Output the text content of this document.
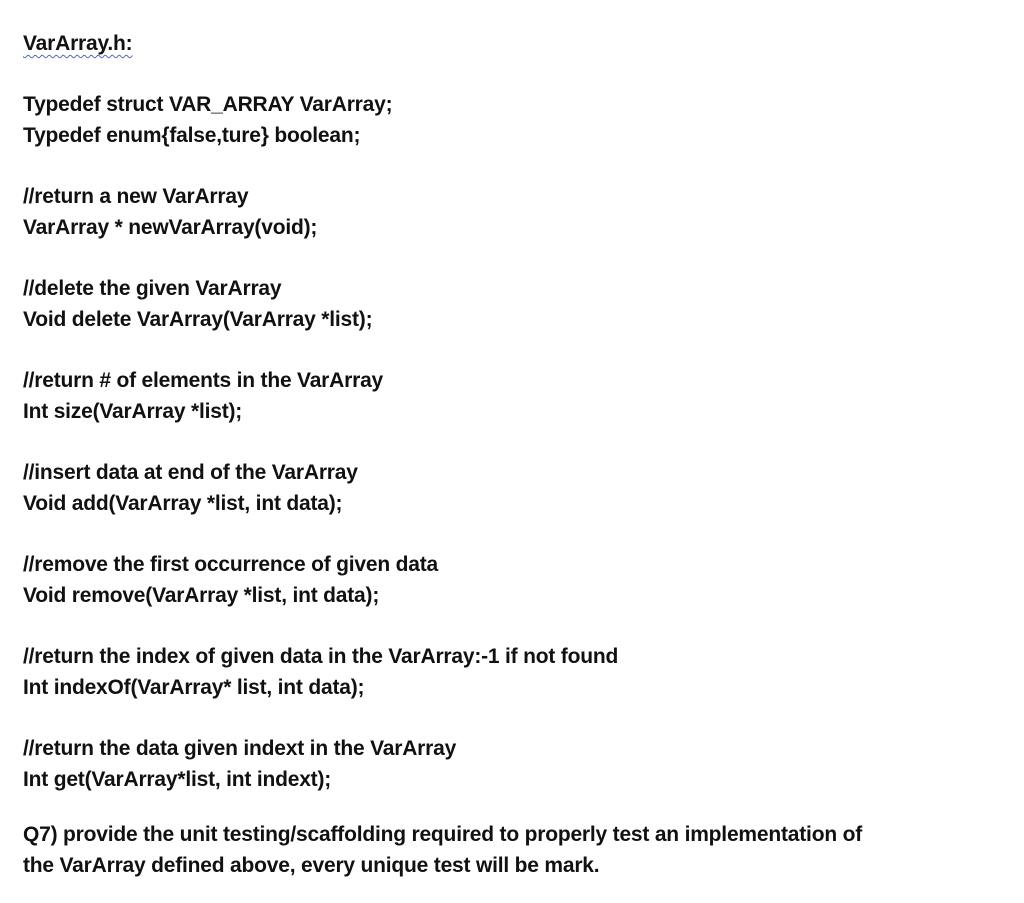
VarArray.h:
Typedef struct VAR_ARRAY VarArray;
Typedef enum{false,ture} boolean;
//return a new VarArray
VarArray * newVarArray(void);
//delete the given VarArray
Void delete VarArray(VarArray *list);
//return # of elements in the VarArray
Int size(VarArray *list);
//insert data at end of the VarArray
Void add(VarArray *list, int data);
//remove the first occurrence of given data
Void remove(VarArray *list, int data);
//return the index of given data in the VarArray:-1 if not found
Int indexOf(VarArray* list, int data);
//return the data given indext in the VarArray
Int get(VarArray*list, int indext);
Q7) provide the unit testing/scaffolding required to properly test an implementation of
the VarArray defined above, every unique test will be mark.
